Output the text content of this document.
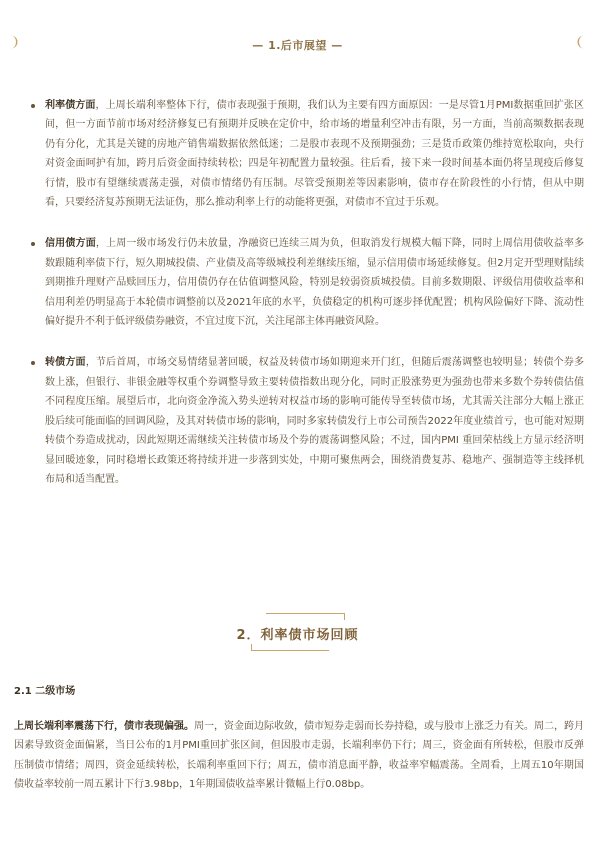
— 1.后市展望 —
利率债方面，上周长端利率整体下行，债市表现强于预期，我们认为主要有四方面原因：一是尽管1月PMI数据重回扩张区间，但一方面节前市场对经济修复已有预期并反映在定价中，给市场的增量利空冲击有限，另一方面，当前高频数据表现仍有分化，尤其是关键的房地产销售端数据依然低迷；二是股市表现不及预期强劲；三是货币政策仍维持宽松取向，央行对资金面呵护有加，跨月后资金面持续转松；四是年初配置力量较强。往后看，接下来一段时间基本面仍将呈现疫后修复行情，股市有望继续震荡走强，对债市情绪仍有压制。尽管受预期差等因素影响，债市存在阶段性的小行情，但从中期看，只要经济复苏预期无法证伪，那么推动利率上行的动能将更强，对债市不宜过于乐观。
信用债方面，上周一级市场发行仍未放量，净融资已连续三周为负，但取消发行规模大幅下降，同时上周信用债收益率多数跟随利率债下行，短久期城投债、产业债及高等级城投利差继续压缩，显示信用债市场延续修复。但2月定开型理财陆续到期推升理财产品赎回压力，信用债仍存在估值调整风险，特别是较弱资质城投债。目前多数期限、评级信用债收益率和信用利差仍明显高于本轮债市调整前以及2021年底的水平，负债稳定的机构可逐步择优配置；机构风险偏好下降、流动性偏好提升不利于低评级债券融资，不宜过度下沉，关注尾部主体再融资风险。
转债方面，节后首周，市场交易情绪显著回暖，权益及转债市场如期迎来开门红，但随后震荡调整也较明显；转债个券多数上涨，但银行、非银金融等权重个券调整导致主要转债指数出现分化，同时正股涨势更为强劲也带来多数个券转债估值不同程度压缩。展望后市，北向资金净流入势头逆转对权益市场的影响可能传导至转债市场，尤其需关注部分大幅上涨正股后续可能面临的回调风险，及其对转债市场的影响，同时多家转债发行上市公司预告2022年度业绩首亏，也可能对短期转债个券造成扰动，因此短期还需继续关注转债市场及个券的震荡调整风险；不过，国内PMI 重回荣枯线上方显示经济明显回暖迹象，同时稳增长政策还将持续并进一步落到实处，中期可聚焦两会，围绕消费复苏、稳地产、强制造等主线择机布局和适当配置。
2．利率债市场回顾
2.1 二级市场
上周长端利率震荡下行，债市表现偏强。周一，资金面边际收敛，债市短券走弱而长券持稳，或与股市上涨乏力有关。周二，跨月因素导致资金面偏紧，当日公布的1月PMI重回扩张区间，但因股市走弱，长端利率仍下行；周三，资金面有所转松，但股市反弹压制债市情绪；周四，资金延续转松，长端利率重回下行；周五，债市消息面平静，收益率窄幅震荡。全周看，上周五10年期国债收益率较前一周五累计下行3.98bp，1年期国债收益率累计微幅上行0.08bp。
